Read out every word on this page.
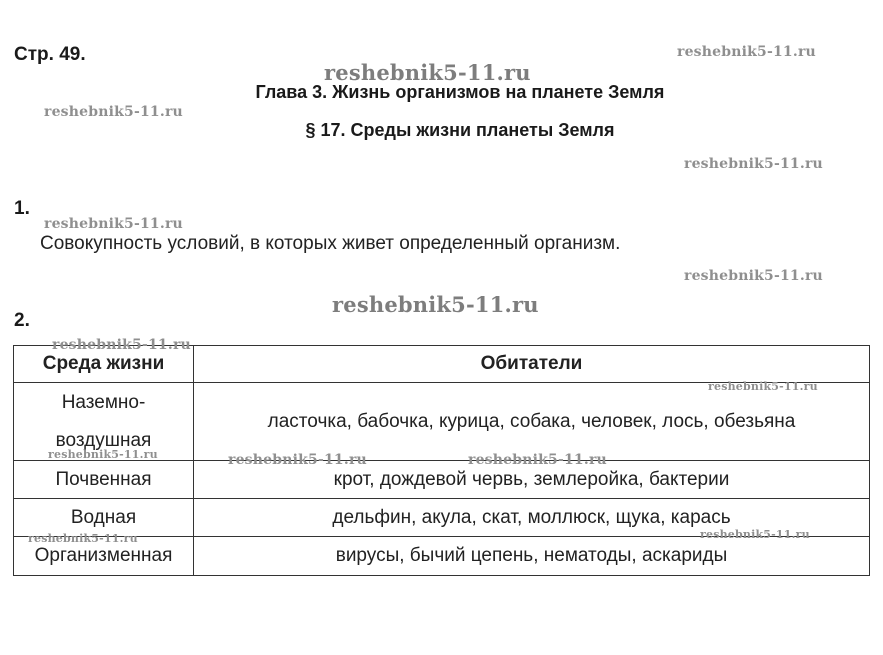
Стр. 49.
Глава 3. Жизнь организмов на планете Земля
§ 17. Среды жизни планеты Земля
1.
Совокупность условий, в которых живет определенный организм.
2.
Среда жизни	Обитатели

Наземно-
воздушная	ласточка, бабочка, курица, собака, человек, лось, обезьяна
Почвенная	крот, дождевой червь, землеройка, бактерии
Водная	дельфин, акула, скат, моллюск, щука, карась
Организменная	вирусы, бычий цепень, нематоды, аскариды
reshebnik5-11.ru
reshebnik5-11.ru
reshebnik5-11.ru
reshebnik5-11.ru
reshebnik5-11.ru
reshebnik5-11.ru
reshebnik5-11.ru
reshebnik5-11.ru
reshebnik5-11.ru
reshebnik5-11.ru	reshebnik5-11.ru	reshebnik5-11.ru
reshebnik5-11.ru
reshebnik5-11.ru
